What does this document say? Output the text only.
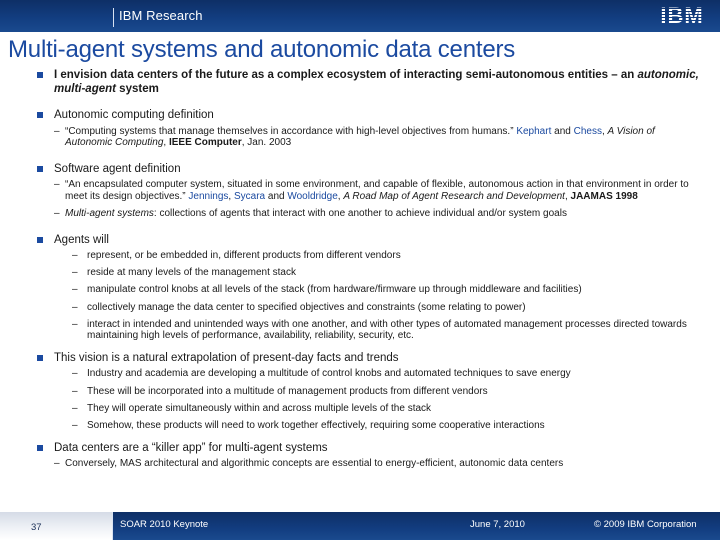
IBM Research	IBM
Multi-agent systems and autonomic data centers
I envision data centers of the future as a complex ecosystem of interacting semi-autonomous entities – an autonomic, multi-agent system
Autonomic computing definition
– “Computing systems that manage themselves in accordance with high-level objectives from humans.” Kephart and Chess, A Vision of Autonomic Computing, IEEE Computer, Jan. 2003
Software agent definition
– “An encapsulated computer system, situated in some environment, and capable of flexible, autonomous action in that environment in order to meet its design objectives.” Jennings, Sycara and Wooldridge, A Road Map of Agent Research and Development, JAAMAS 1998
– Multi-agent systems: collections of agents that interact with one another to achieve individual and/or system goals
Agents will
– represent, or be embedded in, different products from different vendors
– reside at many levels of the management stack
– manipulate control knobs at all levels of the stack (from hardware/firmware up through middleware and facilities)
– collectively manage the data center to specified objectives and constraints (some relating to power)
– interact in intended and unintended ways with one another, and with other types of automated management processes directed towards maintaining high levels of performance, availability, reliability, security, etc.
This vision is a natural extrapolation of present-day facts and trends
– Industry and academia are developing a multitude of control knobs and automated techniques to save energy
– These will be incorporated into a multitude of management products from different vendors
– They will operate simultaneously within and across multiple levels of the stack
– Somehow, these products will need to work together effectively, requiring some cooperative interactions
Data centers are a “killer app” for multi-agent systems
– Conversely, MAS architectural and algorithmic concepts are essential to energy-efficient, autonomic data centers
SOAR 2010 Keynote	June 7, 2010	© 2009 IBM Corporation
37
